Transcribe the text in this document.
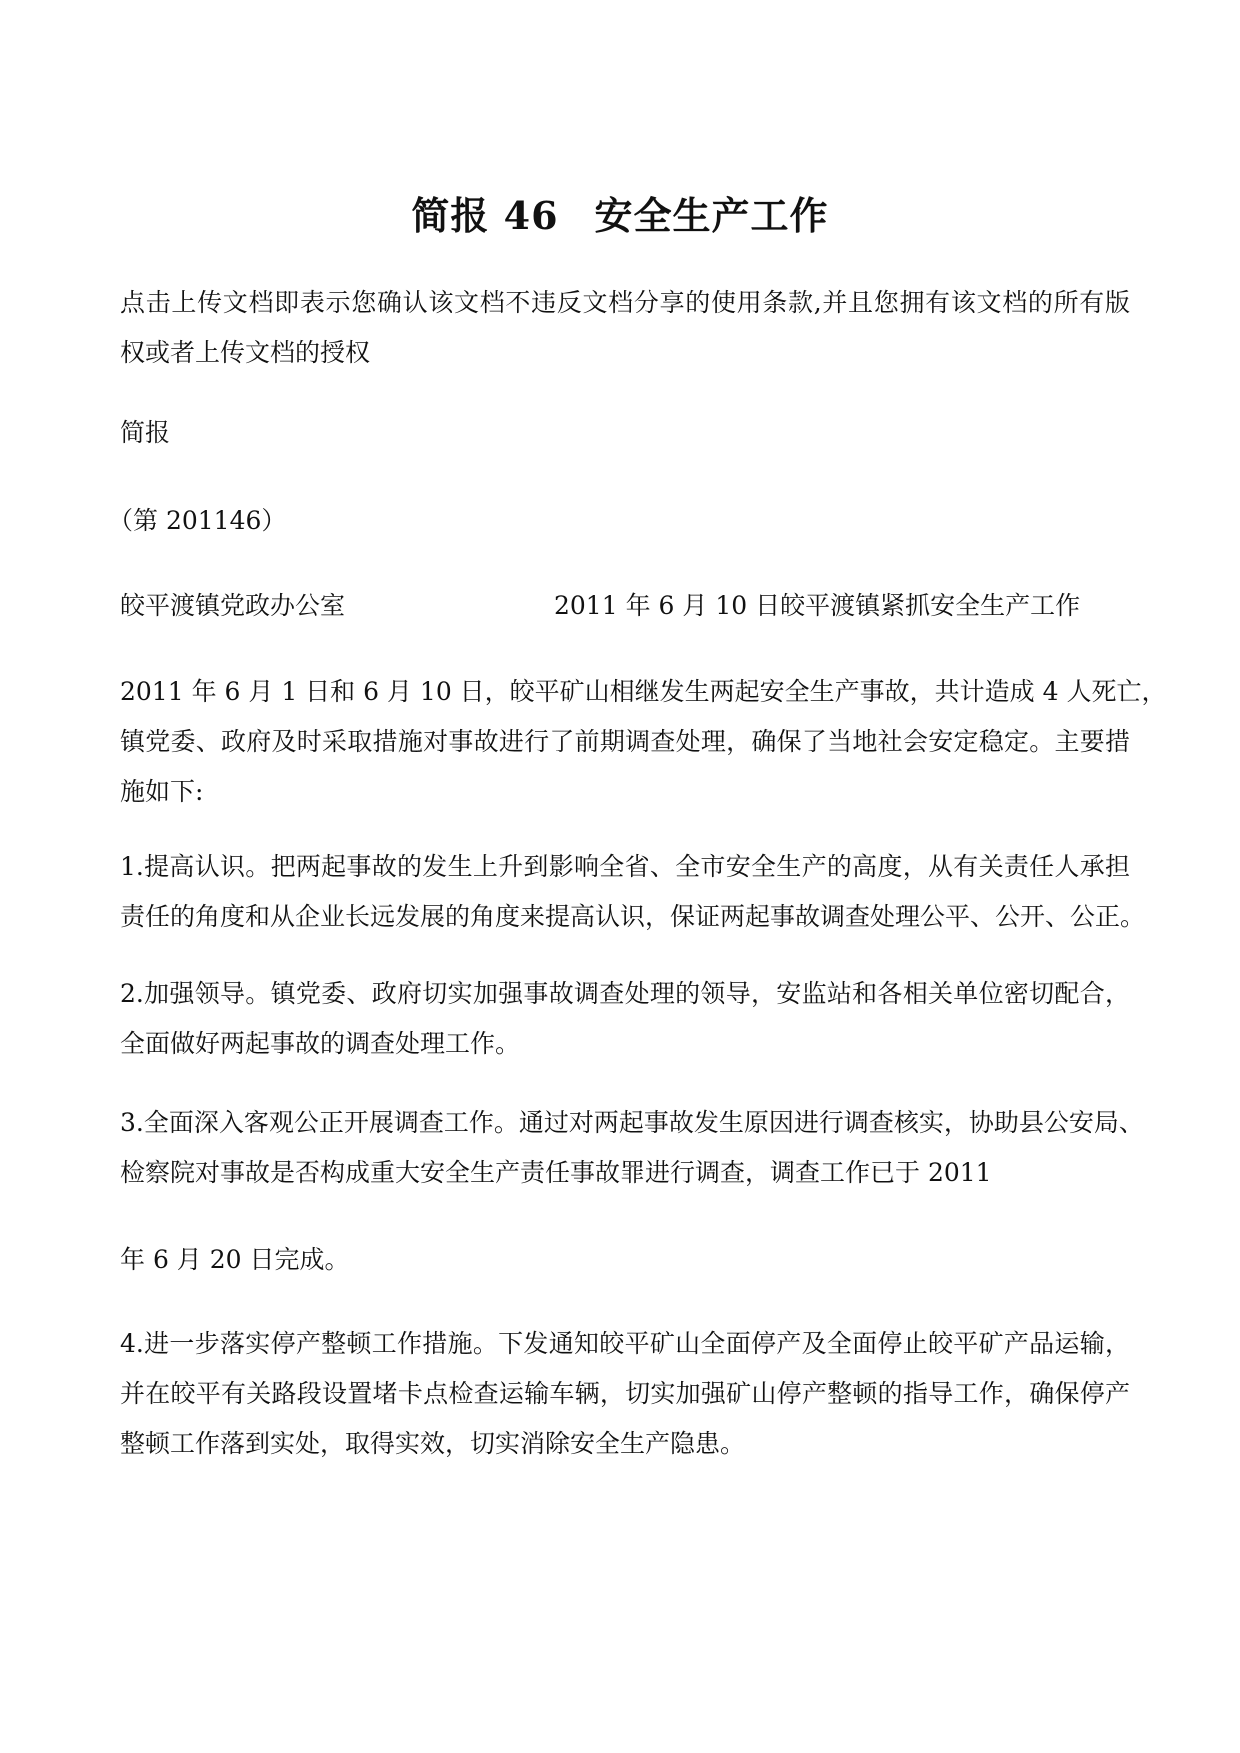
简报 46 安全生产工作
点击上传文档即表示您确认该文档不违反文档分享的使用条款,并且您拥有该文档的所有版
权或者上传文档的授权
简报
（第 201146）
皎平渡镇党政办公室	2011 年 6 月 10 日皎平渡镇紧抓安全生产工作
2011 年 6 月 1 日和 6 月 10 日，皎平矿山相继发生两起安全生产事故，共计造成 4 人死亡，
镇党委、政府及时采取措施对事故进行了前期调查处理，确保了当地社会安定稳定。主要措
施如下:
1.提高认识。把两起事故的发生上升到影响全省、全市安全生产的高度，从有关责任人承担
责任的角度和从企业长远发展的角度来提高认识，保证两起事故调查处理公平、公开、公正。
2.加强领导。镇党委、政府切实加强事故调查处理的领导，安监站和各相关单位密切配合，
全面做好两起事故的调查处理工作。
3.全面深入客观公正开展调查工作。通过对两起事故发生原因进行调查核实，协助县公安局、
检察院对事故是否构成重大安全生产责任事故罪进行调查，调查工作已于 2011
年 6 月 20 日完成。
4.进一步落实停产整顿工作措施。下发通知皎平矿山全面停产及全面停止皎平矿产品运输，
并在皎平有关路段设置堵卡点检查运输车辆，切实加强矿山停产整顿的指导工作，确保停产
整顿工作落到实处，取得实效，切实消除安全生产隐患。
